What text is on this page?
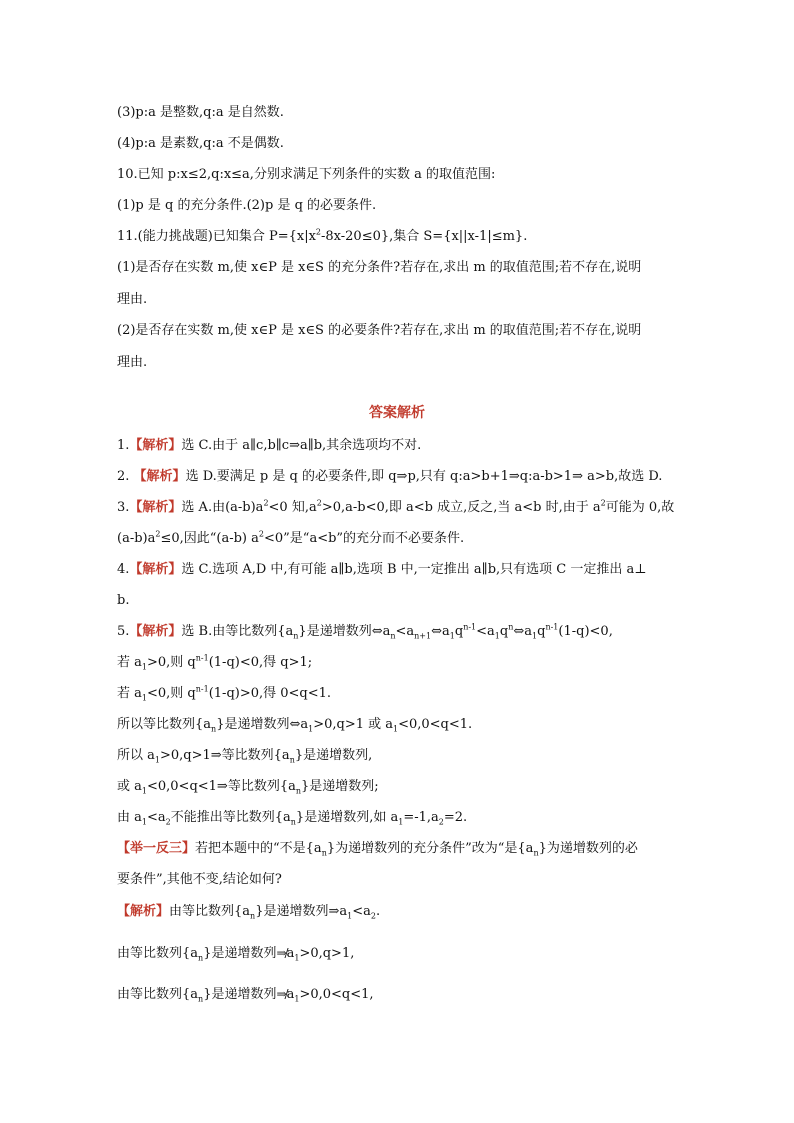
(3)p:a 是整数,q:a 是自然数.
(4)p:a 是素数,q:a 不是偶数.
10.已知 p:x≤2,q:x≤a,分别求满足下列条件的实数 a 的取值范围:
(1)p 是 q 的充分条件.(2)p 是 q 的必要条件.
11.(能力挑战题)已知集合 $P=\{x|x^2-8x-20\le 0\}$,集合 S={x||x-1|≤m}.
(1)是否存在实数 m,使 x∈P 是 x∈S 的充分条件?若存在,求出 m 的取值范围;若不存在,说明
理由.
(2)是否存在实数 m,使 x∈P 是 x∈S 的必要条件?若存在,求出 m 的取值范围;若不存在,说明
理由.
答案解析
1.【解析】选 C.由于 a∥c,b∥c⇒a∥b,其余选项均不对.
2. 【解析】选 D.要满足 p 是 q 的必要条件,即 q⇒p,只有 q:a>b+1⇒q:a-b>1⇒ a>b,故选 D.
3.【解析】选 A.由$(a-b)a^2<0$ 知$,a^2>0,a-b<0$,即 a<b 成立,反之,当 a<b 时,由于 $a^2$可能为 0,故
$(a-b)a^2\le 0$,因此“(a-b) $a^2<0$”是“a<b”的充分而不必要条件.
4.【解析】选 C.选项 A,D 中,有可能 a∥b,选项 B 中,一定推出 a∥b,只有选项 C 一定推出 a⊥
b.
5.【解析】选 B.由等比数列$\{a_n\}$是递增数列$\Leftrightarrow a_n<a_{n+1}\Leftrightarrow a_1q^{n-1}<a_1q^n\Leftrightarrow a_1q^{n-1}(1-q)<0$,
若 $a_1>0$,则 $q^{n-1}(1-q)<0$,得 q>1;
若 $a_1<0$,则 $q^{n-1}(1-q)>0$,得 0<q<1.
所以等比数列$\{a_n\}$是递增数列$\Leftrightarrow a_1>0,q>1$ 或 $a_1<0,0<q<1$.
所以 $a_1>0,q>1\Rightarrow$等比数列$\{a_n\}$是递增数列,
或 $a_1<0,0<q<1\Rightarrow$等比数列$\{a_n\}$是递增数列;
由 $a_1<a_2$不能推出等比数列$\{a_n\}$是递增数列,如 $a_1=-1,a_2=2$.
【举一反三】若把本题中的“不是$\{a_n\}$为递增数列的充分条件”改为“是$\{a_n\}$为递增数列的必
要条件”,其他不变,结论如何?
【解析】由等比数列$\{a_n\}$是递增数列$\Rightarrow a_1<a_2$.
由等比数列$\{a_n\}$是递增数列$\Rightarrow/a_1>0,q>1$,
由等比数列$\{a_n\}$是递增数列$\Rightarrow/a_1>0,0<q<1$,
